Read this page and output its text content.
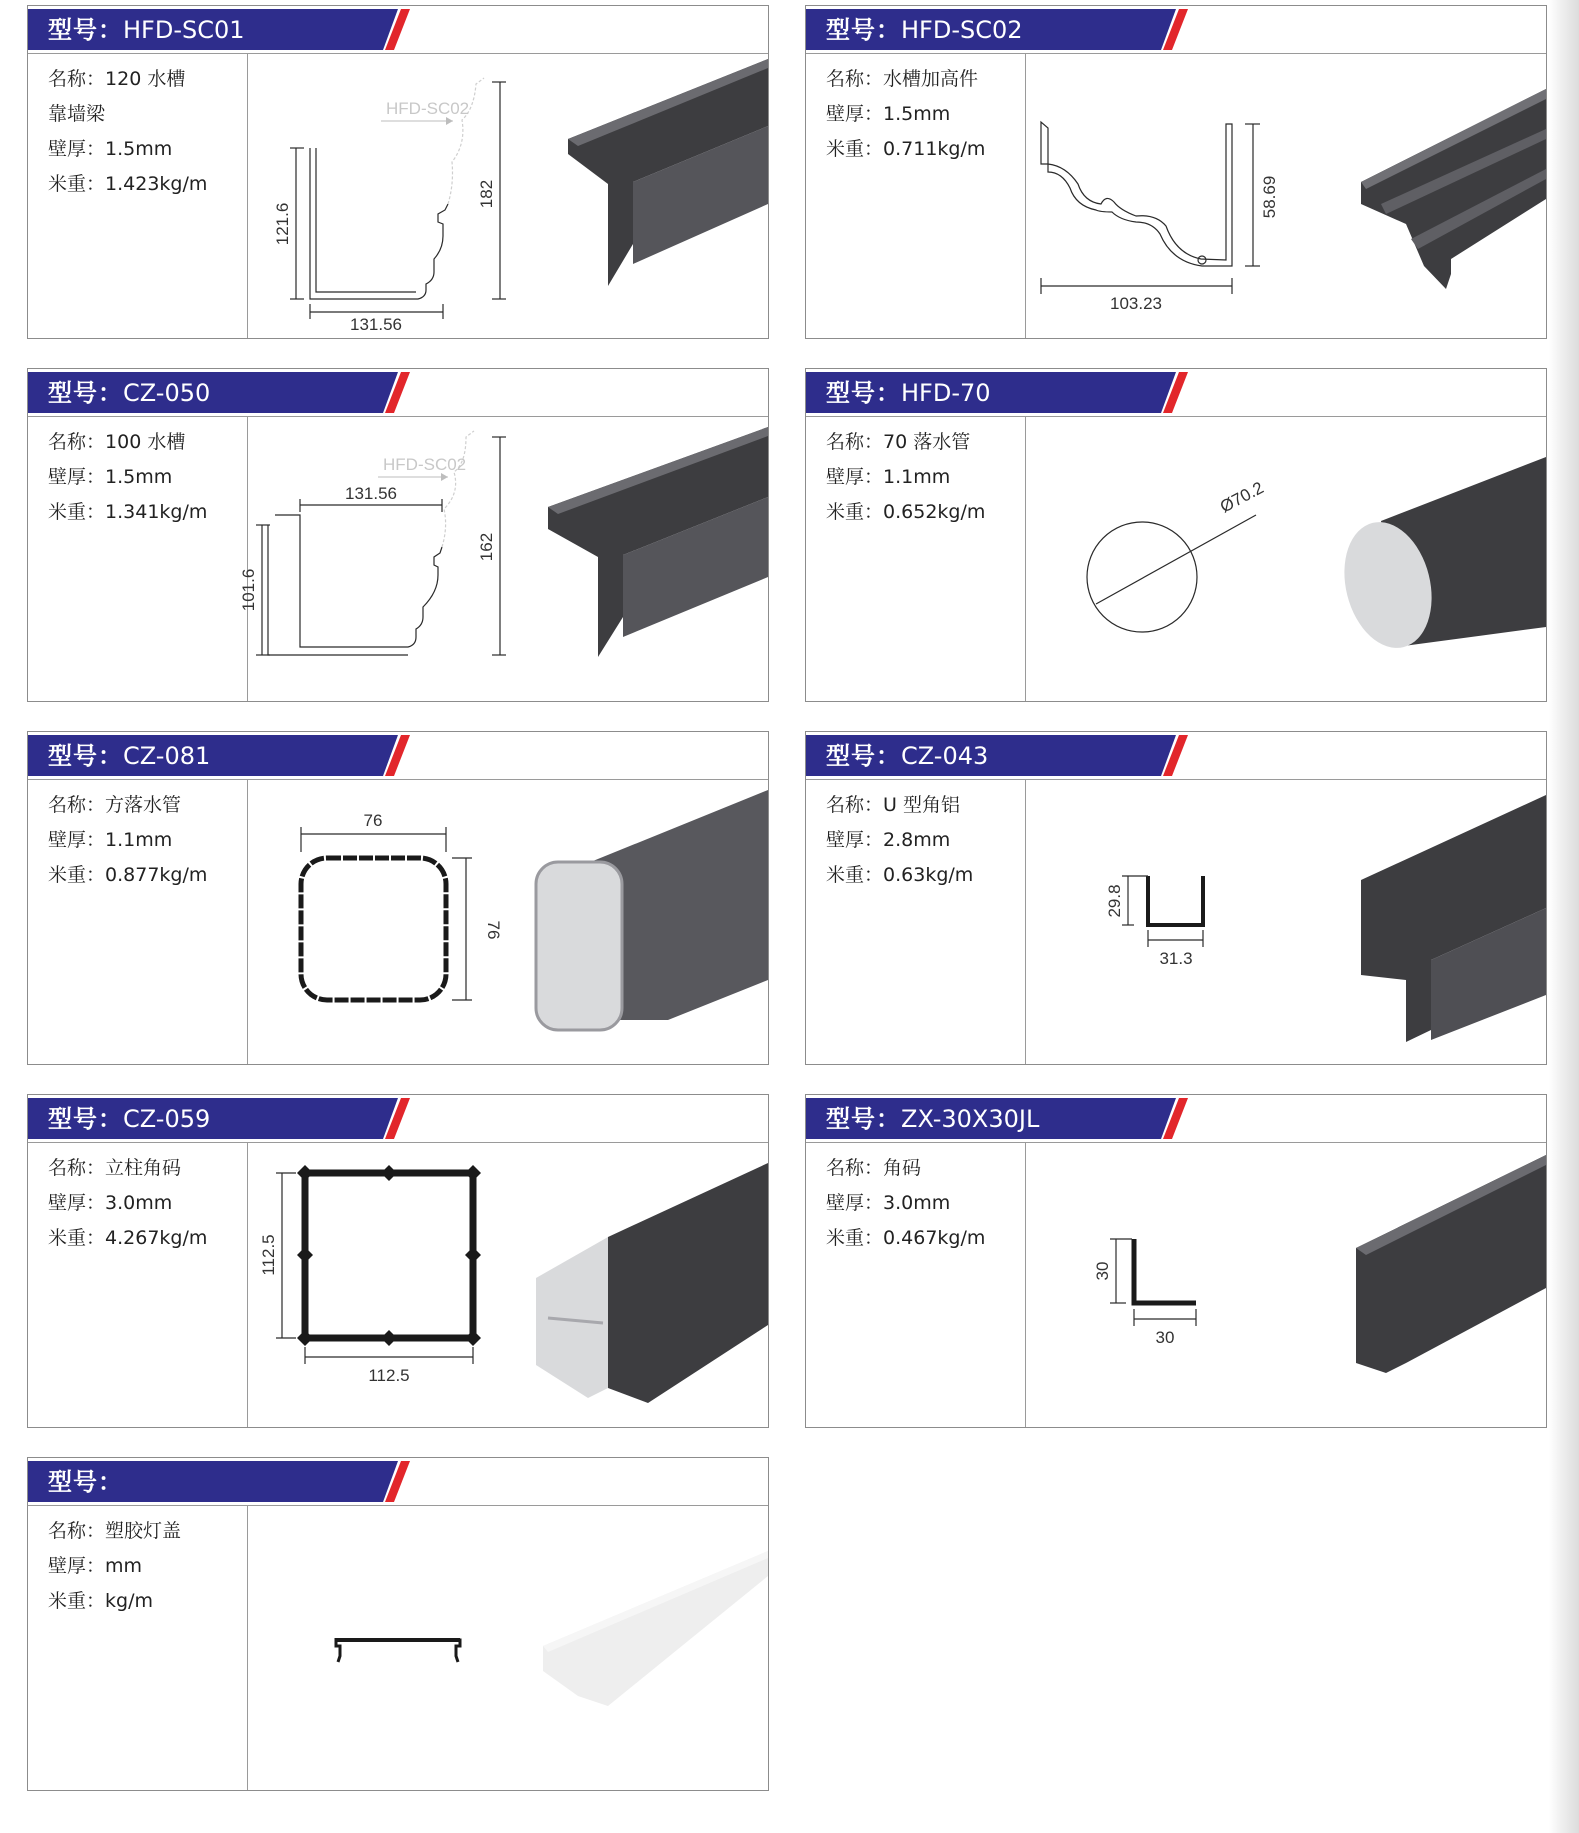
型号：HFD-SC01
名称：120 水槽
靠墙梁
壁厚：1.5mm
米重：1.423kg/m
HFD-SC02
121.6
131.56
182
型号：HFD-SC02
名称：水槽加高件
壁厚：1.5mm
米重：0.711kg/m
103.23
58.69
型号：CZ-050
名称：100 水槽
壁厚：1.5mm
米重：1.341kg/m
HFD-SC02
131.56
101.6
162
型号：HFD-70
名称：70 落水管
壁厚：1.1mm
米重：0.652kg/m	Ø70.2
型号：CZ-081
名称：方落水管
壁厚：1.1mm
米重：0.877kg/m
76
76
型号：CZ-043
名称：U 型角铝
壁厚：2.8mm
米重：0.63kg/m
29.8
31.3
型号：CZ-059
名称：立柱角码
壁厚：3.0mm
米重：4.267kg/m	112.5
112.5
型号：ZX-30X30JL
名称：角码
壁厚：3.0mm
米重：0.467kg/m
30
30
型号：
名称：塑胶灯盖
壁厚：mm
米重：kg/m
